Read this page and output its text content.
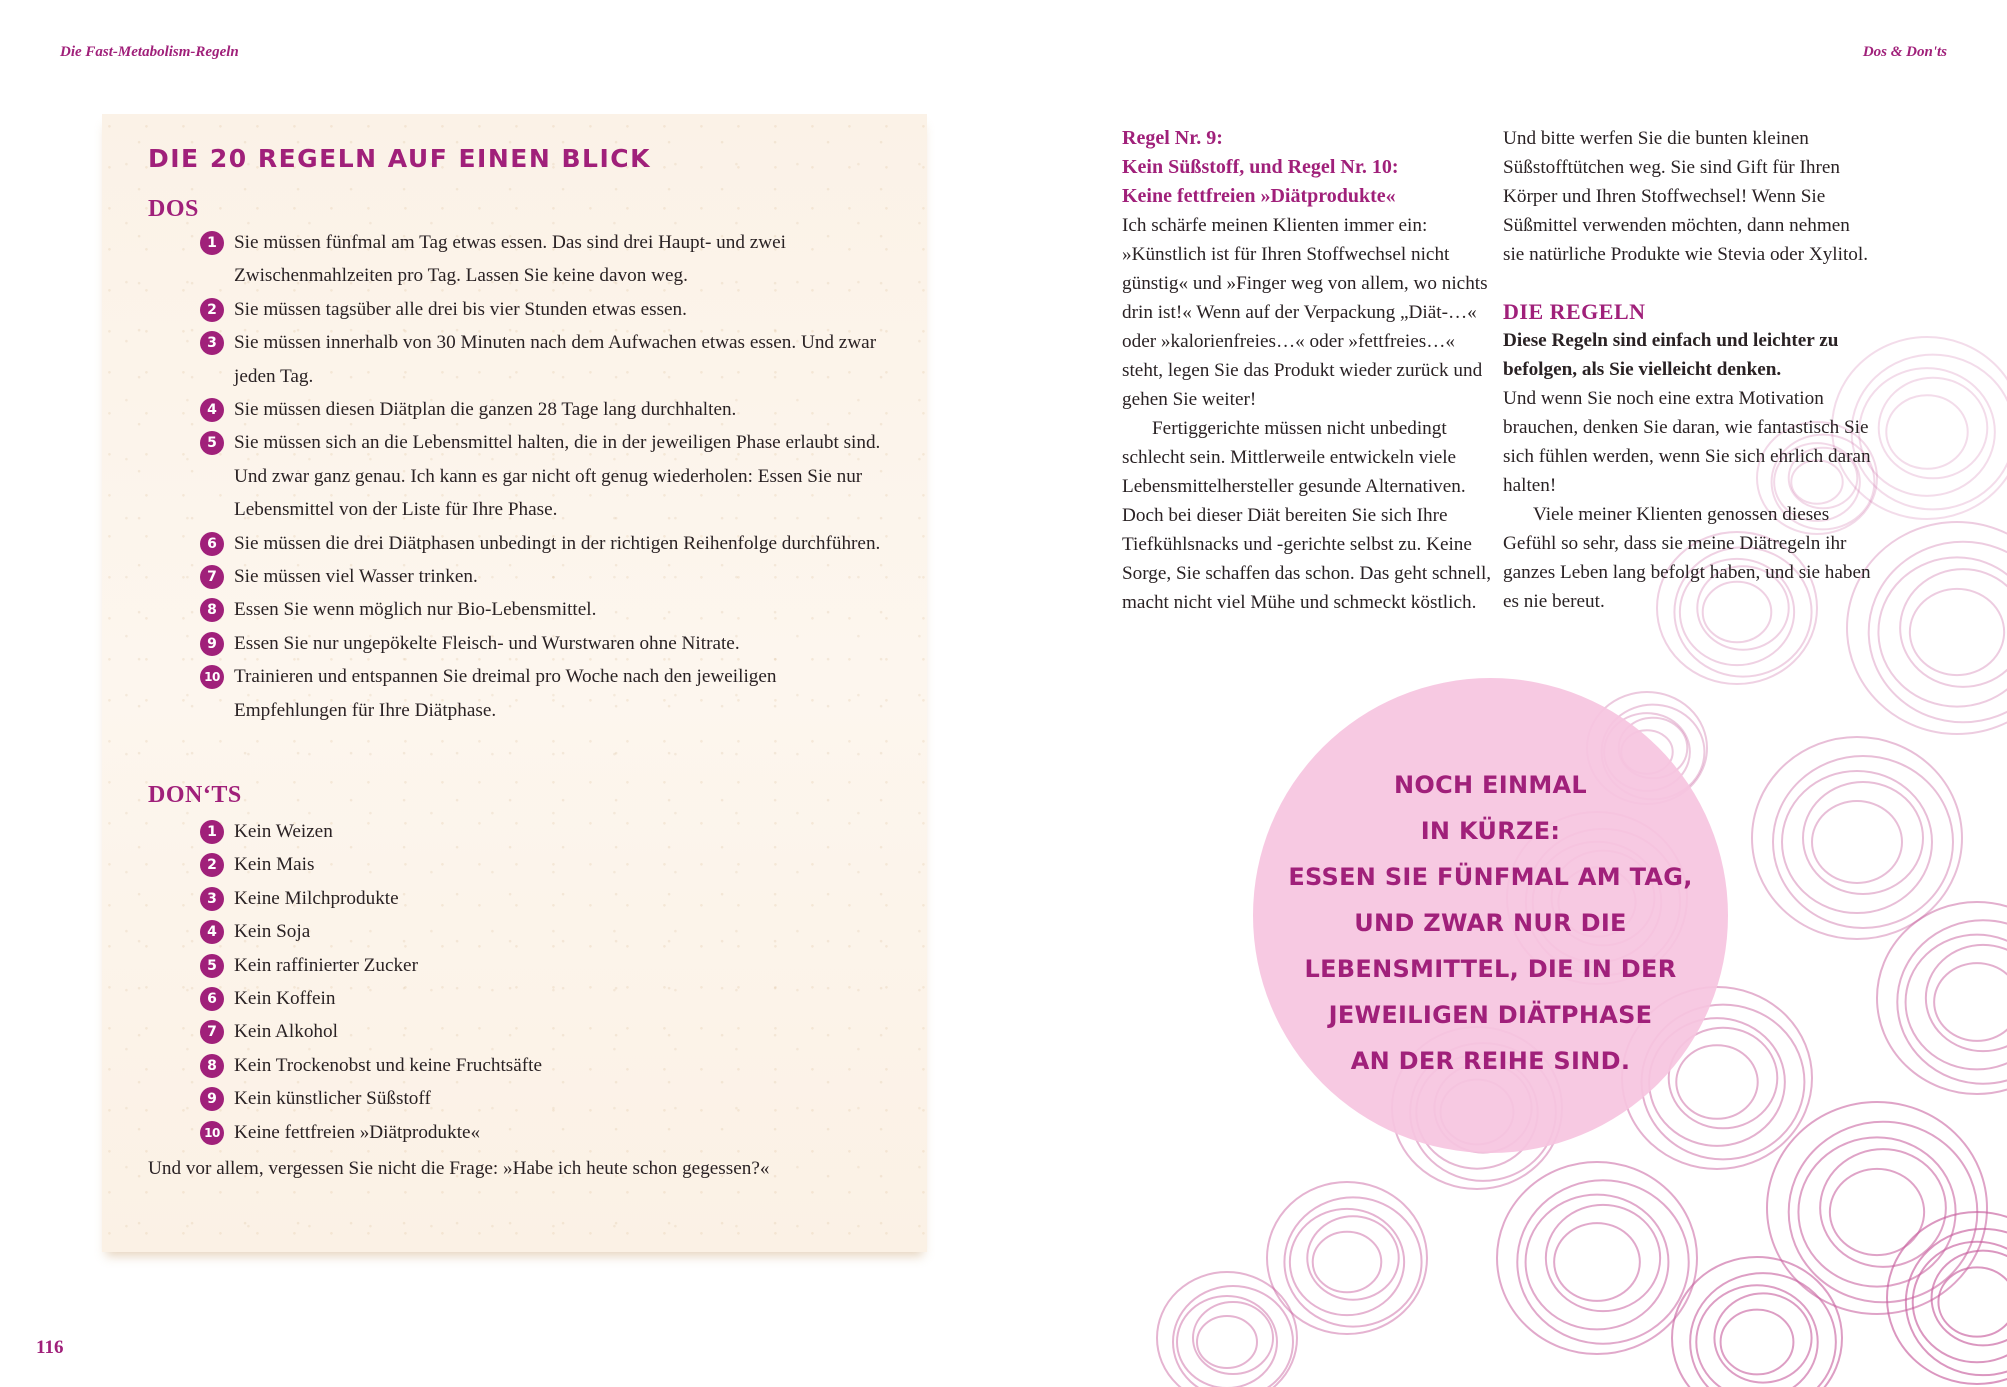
Die Fast-Metabolism-Regeln	Dos & Don'ts
DIE 20 REGELN AUF EINEN BLICK
DOS
1 Sie müssen fünfmal am Tag etwas essen. Das sind drei Haupt- und zwei Zwischenmahlzeiten pro Tag. Lassen Sie keine davon weg.
2 Sie müssen tagsüber alle drei bis vier Stunden etwas essen.
3 Sie müssen innerhalb von 30 Minuten nach dem Aufwachen etwas essen. Und zwar jeden Tag.
4 Sie müssen diesen Diätplan die ganzen 28 Tage lang durchhalten.
5 Sie müssen sich an die Lebensmittel halten, die in der jeweiligen Phase erlaubt sind. Und zwar ganz genau. Ich kann es gar nicht oft genug wiederholen: Essen Sie nur Lebensmittel von der Liste für Ihre Phase.
6 Sie müssen die drei Diätphasen unbedingt in der richtigen Reihenfolge durchführen.
7 Sie müssen viel Wasser trinken.
8 Essen Sie wenn möglich nur Bio-Lebensmittel.
9 Essen Sie nur ungepökelte Fleisch- und Wurstwaren ohne Nitrate.
10 Trainieren und entspannen Sie dreimal pro Woche nach den jeweiligen Empfehlungen für Ihre Diätphase.
DON‘TS
1 Kein Weizen
2 Kein Mais
3 Keine Milchprodukte
4 Kein Soja
5 Kein raffinierter Zucker
6 Kein Koffein
7 Kein Alkohol
8 Kein Trockenobst und keine Fruchtsäfte
9 Kein künstlicher Süßstoff
10 Keine fettfreien »Diätprodukte«

Und vor allem, vergessen Sie nicht die Frage: »Habe ich heute schon gegessen?«

116

Regel Nr. 9:

Kein Süßstoff, und Regel Nr. 10:

Keine fettfreien »Diätprodukte«

Ich schärfe meinen Klienten immer ein: »Künstlich ist für Ihren Stoffwechsel nicht günstig« und »Finger weg von allem, wo nichts drin ist!« Wenn auf der Verpackung „Diät-…« oder »kalorienfreies…« oder »fettfreies…« steht, legen Sie das Produkt wieder zurück und gehen Sie weiter!

Fertiggerichte müssen nicht unbedingt schlecht sein. Mittlerweile entwickeln viele Lebensmittelhersteller gesunde Alternativen. Doch bei dieser Diät bereiten Sie sich Ihre Tiefkühlsnacks und -gerichte selbst zu. Keine Sorge, Sie schaffen das schon. Das geht schnell, macht nicht viel Mühe und schmeckt köstlich.

Und bitte werfen Sie die bunten kleinen Süßstofftütchen weg. Sie sind Gift für Ihren Körper und Ihren Stoffwechsel! Wenn Sie Süßmittel verwenden möchten, dann nehmen sie natürliche Produkte wie Stevia oder Xylitol.

DIE REGELN

Diese Regeln sind einfach und leichter zu befolgen, als Sie vielleicht denken.

Und wenn Sie noch eine extra Motivation brauchen, denken Sie daran, wie fantastisch Sie sich fühlen werden, wenn Sie sich ehrlich daran halten!

Viele meiner Klienten genossen dieses Gefühl so sehr, dass sie meine Diätregeln ihr ganzes Leben lang befolgt haben, und sie haben es nie bereut.

NOCH EINMAL
IN KÜRZE:
ESSEN SIE FÜNFMAL AM TAG,
UND ZWAR NUR DIE
LEBENSMITTEL, DIE IN DER
JEWEILIGEN DIÄTPHASE
AN DER REIHE SIND.
